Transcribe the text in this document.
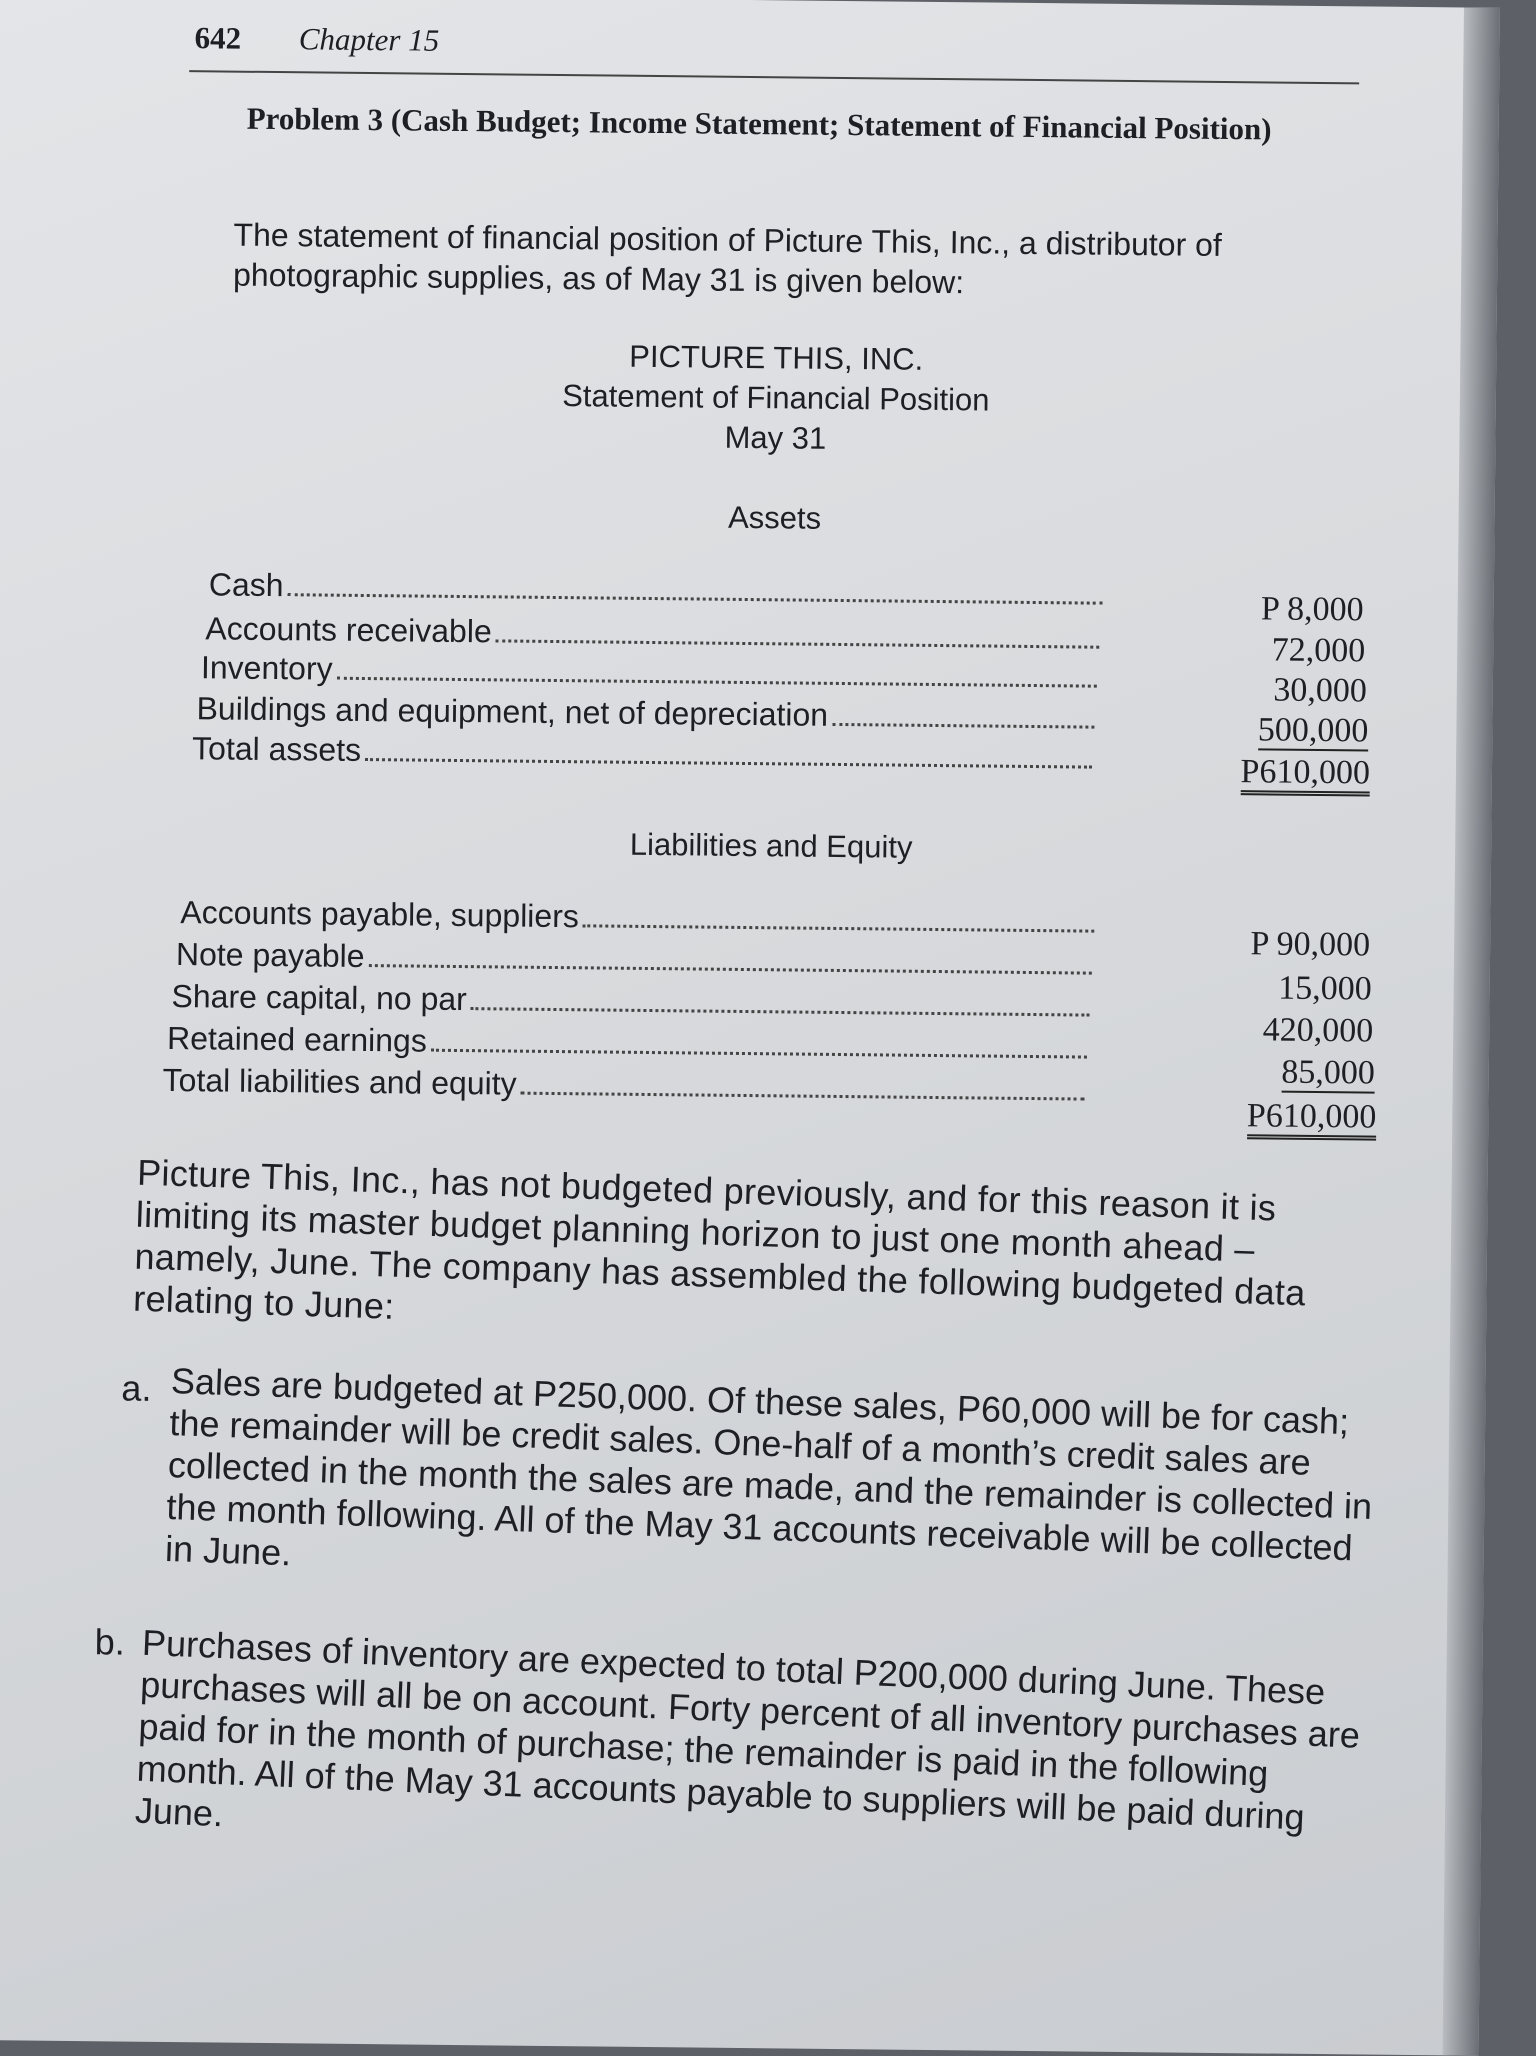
642 Chapter 15
Problem 3 (Cash Budget; Income Statement; Statement of Financial Position)
The statement of financial position of Picture This, Inc., a distributor of photographic supplies, as of May 31 is given below:
PICTURE THIS, INC.
Statement of Financial Position
May 31
Assets
Cash
P 8,000
Accounts receivable
72,000
Inventory
30,000
Buildings and equipment, net of depreciation	500,000
Total assets
P610,000
Liabilities and Equity
Accounts payable, suppliers
P 90,000
Note payable
15,000
Share capital, no par
420,000
Retained earnings
85,000
Total liabilities and equity
P610,000
Picture This, Inc., has not budgeted previously, and for this reason it is limiting its master budget planning horizon to just one month ahead – namely, June. The company has assembled the following budgeted data relating to June:
a. Sales are budgeted at P250,000. Of these sales, P60,000 will be for cash; the remainder will be credit sales. One-half of a month’s credit sales are collected in the month the sales are made, and the remainder is collected in the month following. All of the May 31 accounts receivable will be collected in June.
b. Purchases of inventory are expected to total P200,000 during June. These purchases will all be on account. Forty percent of all inventory purchases are paid for in the month of purchase; the remainder is paid in the following month. All of the May 31 accounts payable to suppliers will be paid during June.
